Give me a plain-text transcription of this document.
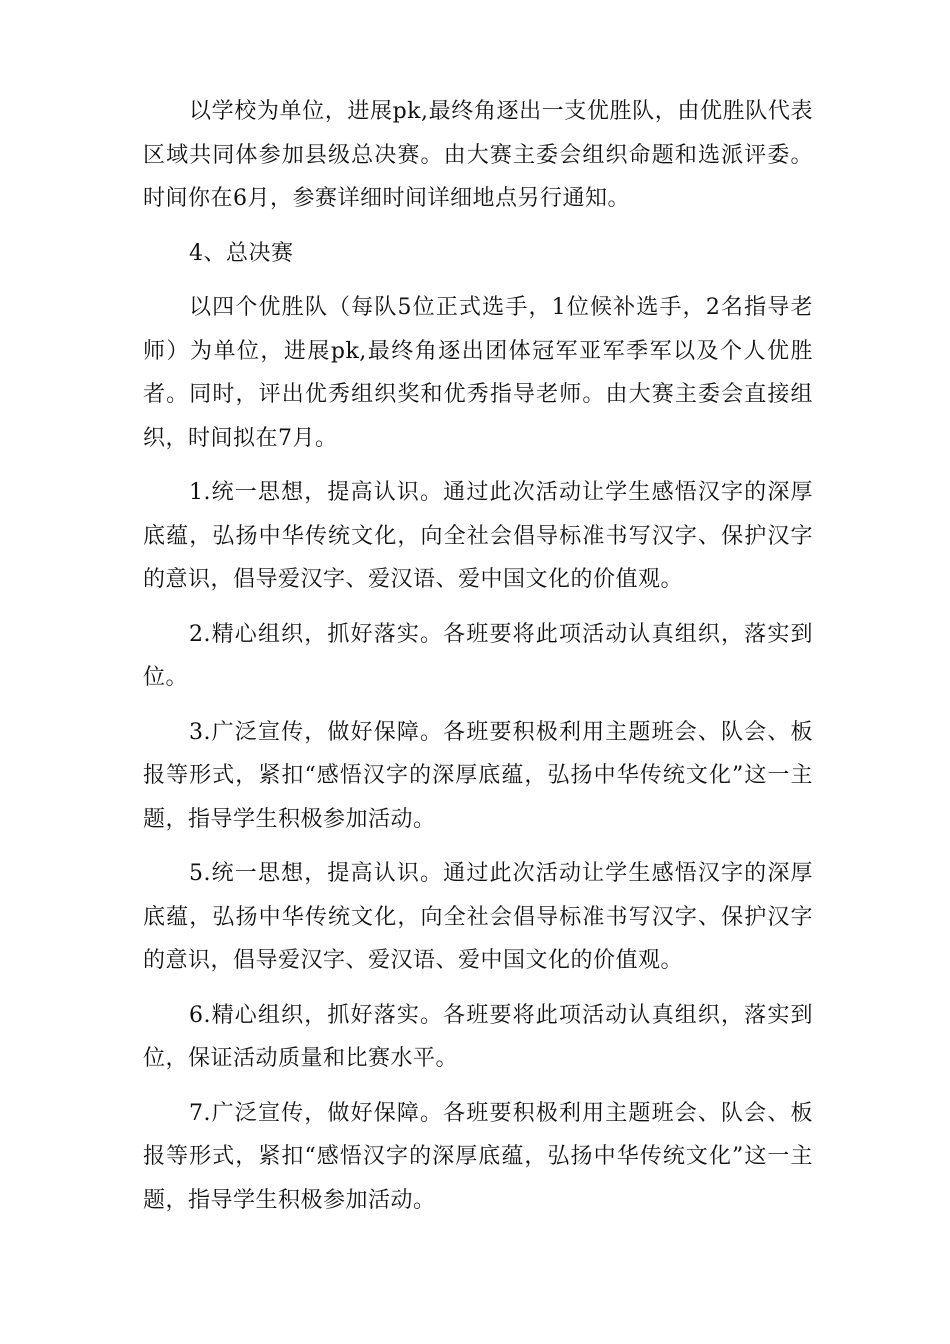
以学校为单位，进展pk,最终角逐出一支优胜队，由优胜队代表区域共同体参加县级总决赛。由大赛主委会组织命题和选派评委。时间你在6月，参赛详细时间详细地点另行通知。

4、总决赛

以四个优胜队（每队5位正式选手，1位候补选手，2名指导老师）为单位，进展pk,最终角逐出团体冠军亚军季军以及个人优胜者。同时，评出优秀组织奖和优秀指导老师。由大赛主委会直接组织，时间拟在7月。

1.统一思想，提高认识。通过此次活动让学生感悟汉字的深厚底蕴，弘扬中华传统文化，向全社会倡导标准书写汉字、保护汉字的意识，倡导爱汉字、爱汉语、爱中国文化的价值观。

2.精心组织，抓好落实。各班要将此项活动认真组织，落实到位。

3.广泛宣传，做好保障。各班要积极利用主题班会、队会、板报等形式，紧扣“感悟汉字的深厚底蕴，弘扬中华传统文化”这一主题，指导学生积极参加活动。

5.统一思想，提高认识。通过此次活动让学生感悟汉字的深厚底蕴，弘扬中华传统文化，向全社会倡导标准书写汉字、保护汉字的意识，倡导爱汉字、爱汉语、爱中国文化的价值观。

6.精心组织，抓好落实。各班要将此项活动认真组织，落实到位，保证活动质量和比赛水平。

7.广泛宣传，做好保障。各班要积极利用主题班会、队会、板报等形式，紧扣“感悟汉字的深厚底蕴，弘扬中华传统文化”这一主题，指导学生积极参加活动。
